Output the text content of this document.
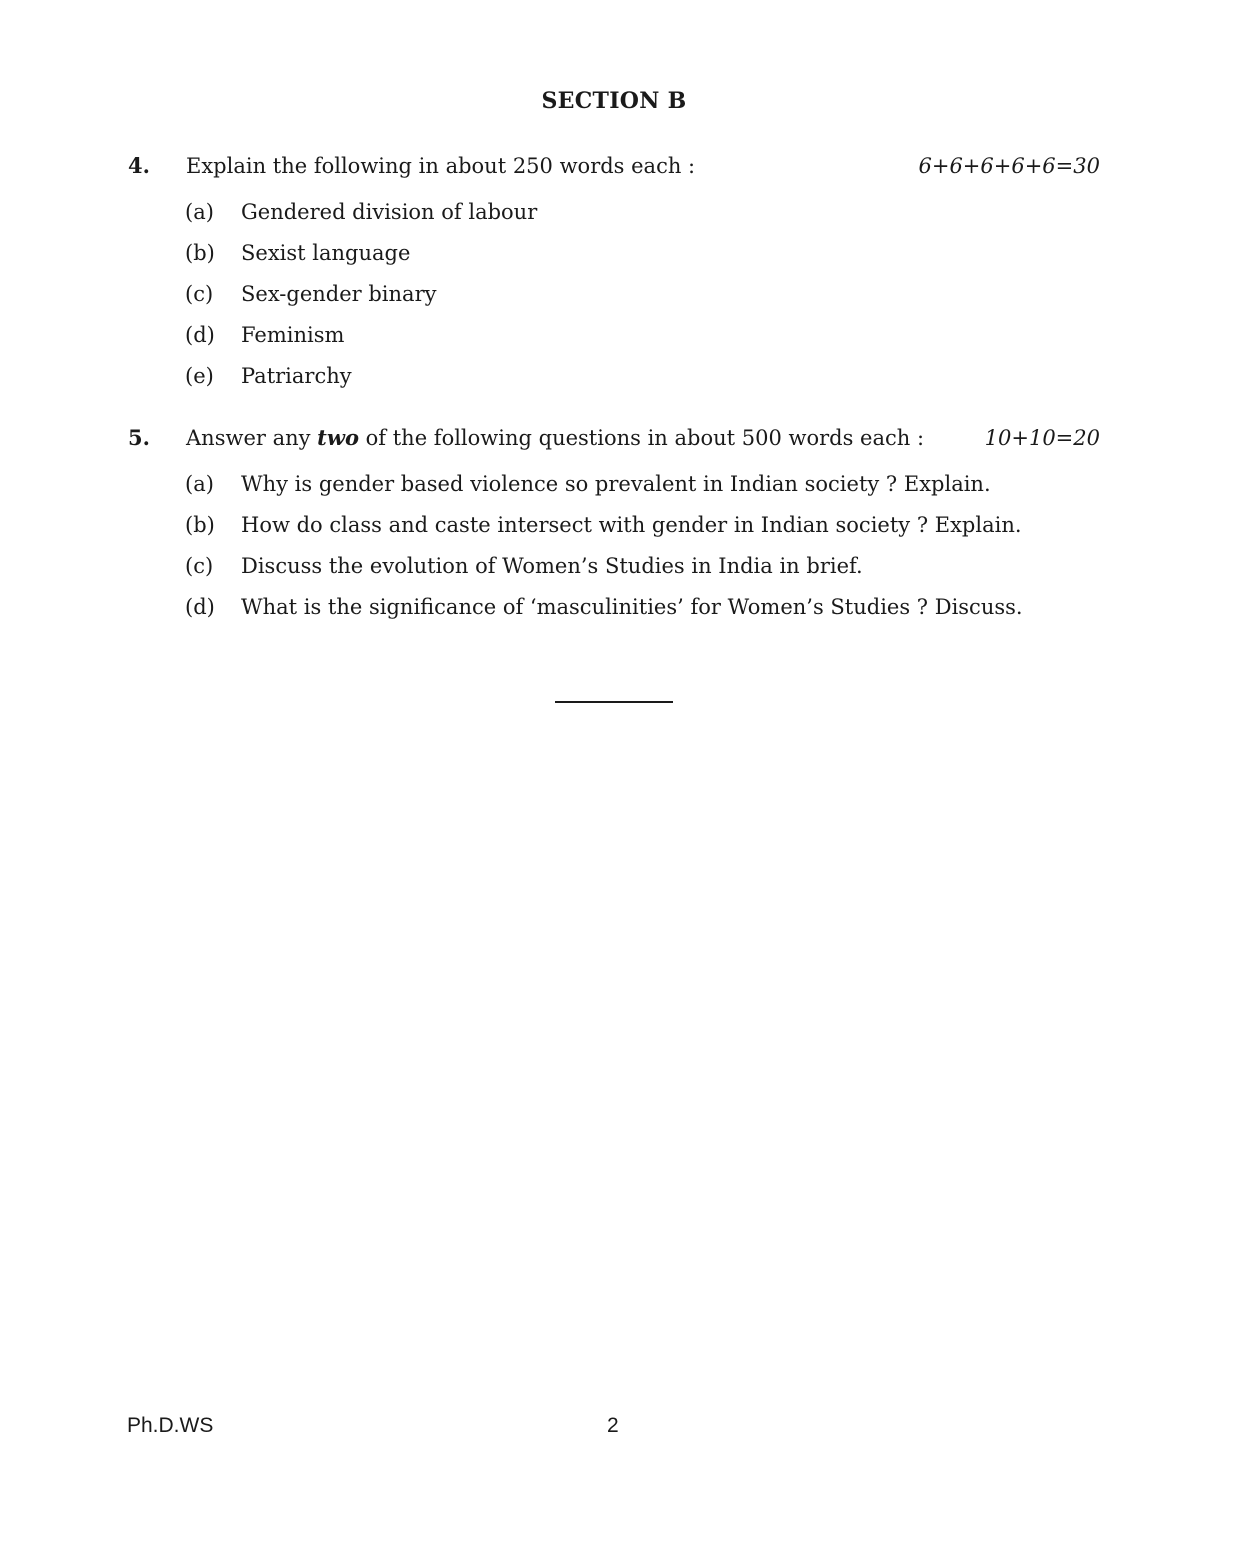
SECTION B
4. Explain the following in about 250 words each :	6+6+6+6+6=30
(a) Gendered division of labour
(b) Sexist language
(c) Sex-gender binary
(d) Feminism
(e) Patriarchy
5. Answer any two of the following questions in about 500 words each :	10+10=20
(a) Why is gender based violence so prevalent in Indian society ? Explain.
(b) How do class and caste intersect with gender in Indian society ? Explain.
(c) Discuss the evolution of Women’s Studies in India in brief.
(d) What is the significance of ‘masculinities’ for Women’s Studies ? Discuss.
Ph.D.WS	2
